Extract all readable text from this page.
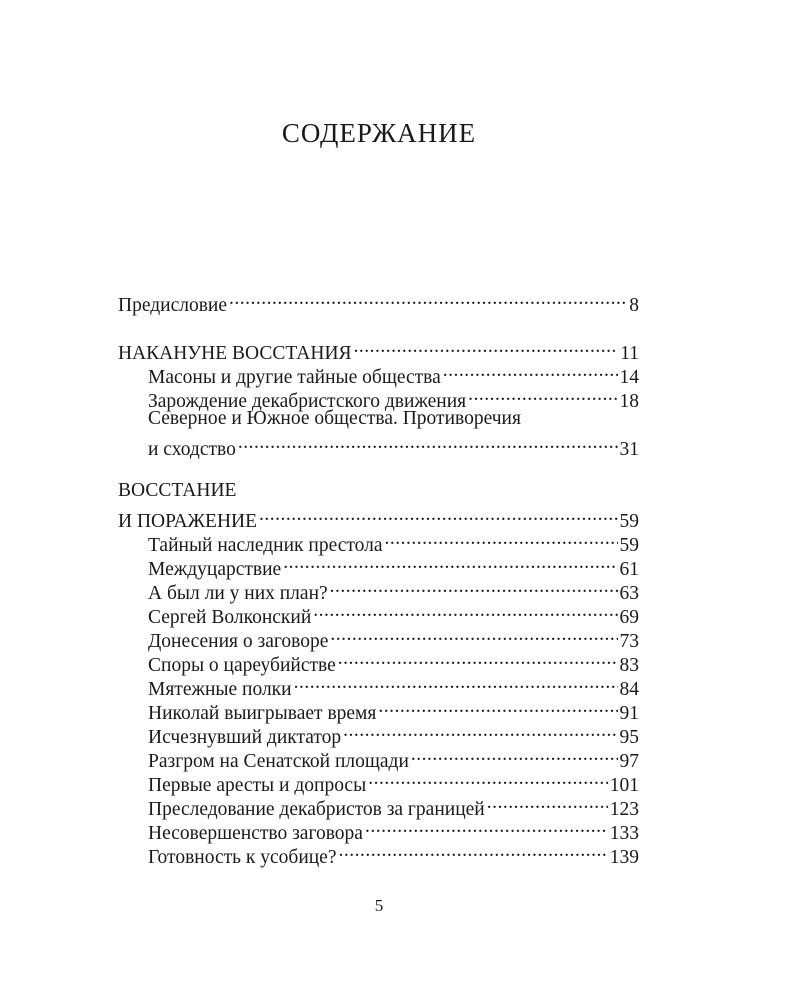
СОДЕРЖАНИЕ
Предисловие .....	8
НАКАНУНЕ ВОССТАНИЯ .....	11
Масоны и другие тайные общества .....	14
Зарождение декабристского движения .....	18
Северное и Южное общества. Противоречия
и сходство .....	31
ВОССТАНИЕ
И ПОРАЖЕНИЕ .....	59
Тайный наследник престола .....	59
Междуцарствие .....	61
А был ли у них план? .....	63
Сергей Волконский .....	69
Донесения о заговоре .....	73
Споры о цареубийстве .....	83
Мятежные полки .....	84
Николай выигрывает время .....	91
Исчезнувший диктатор .....	95
Разгром на Сенатской площади .....	97
Первые аресты и допросы .....	101
Преследование декабристов за границей .....	123
Несовершенство заговора .....	133
Готовность к усобице? .....	139
5
